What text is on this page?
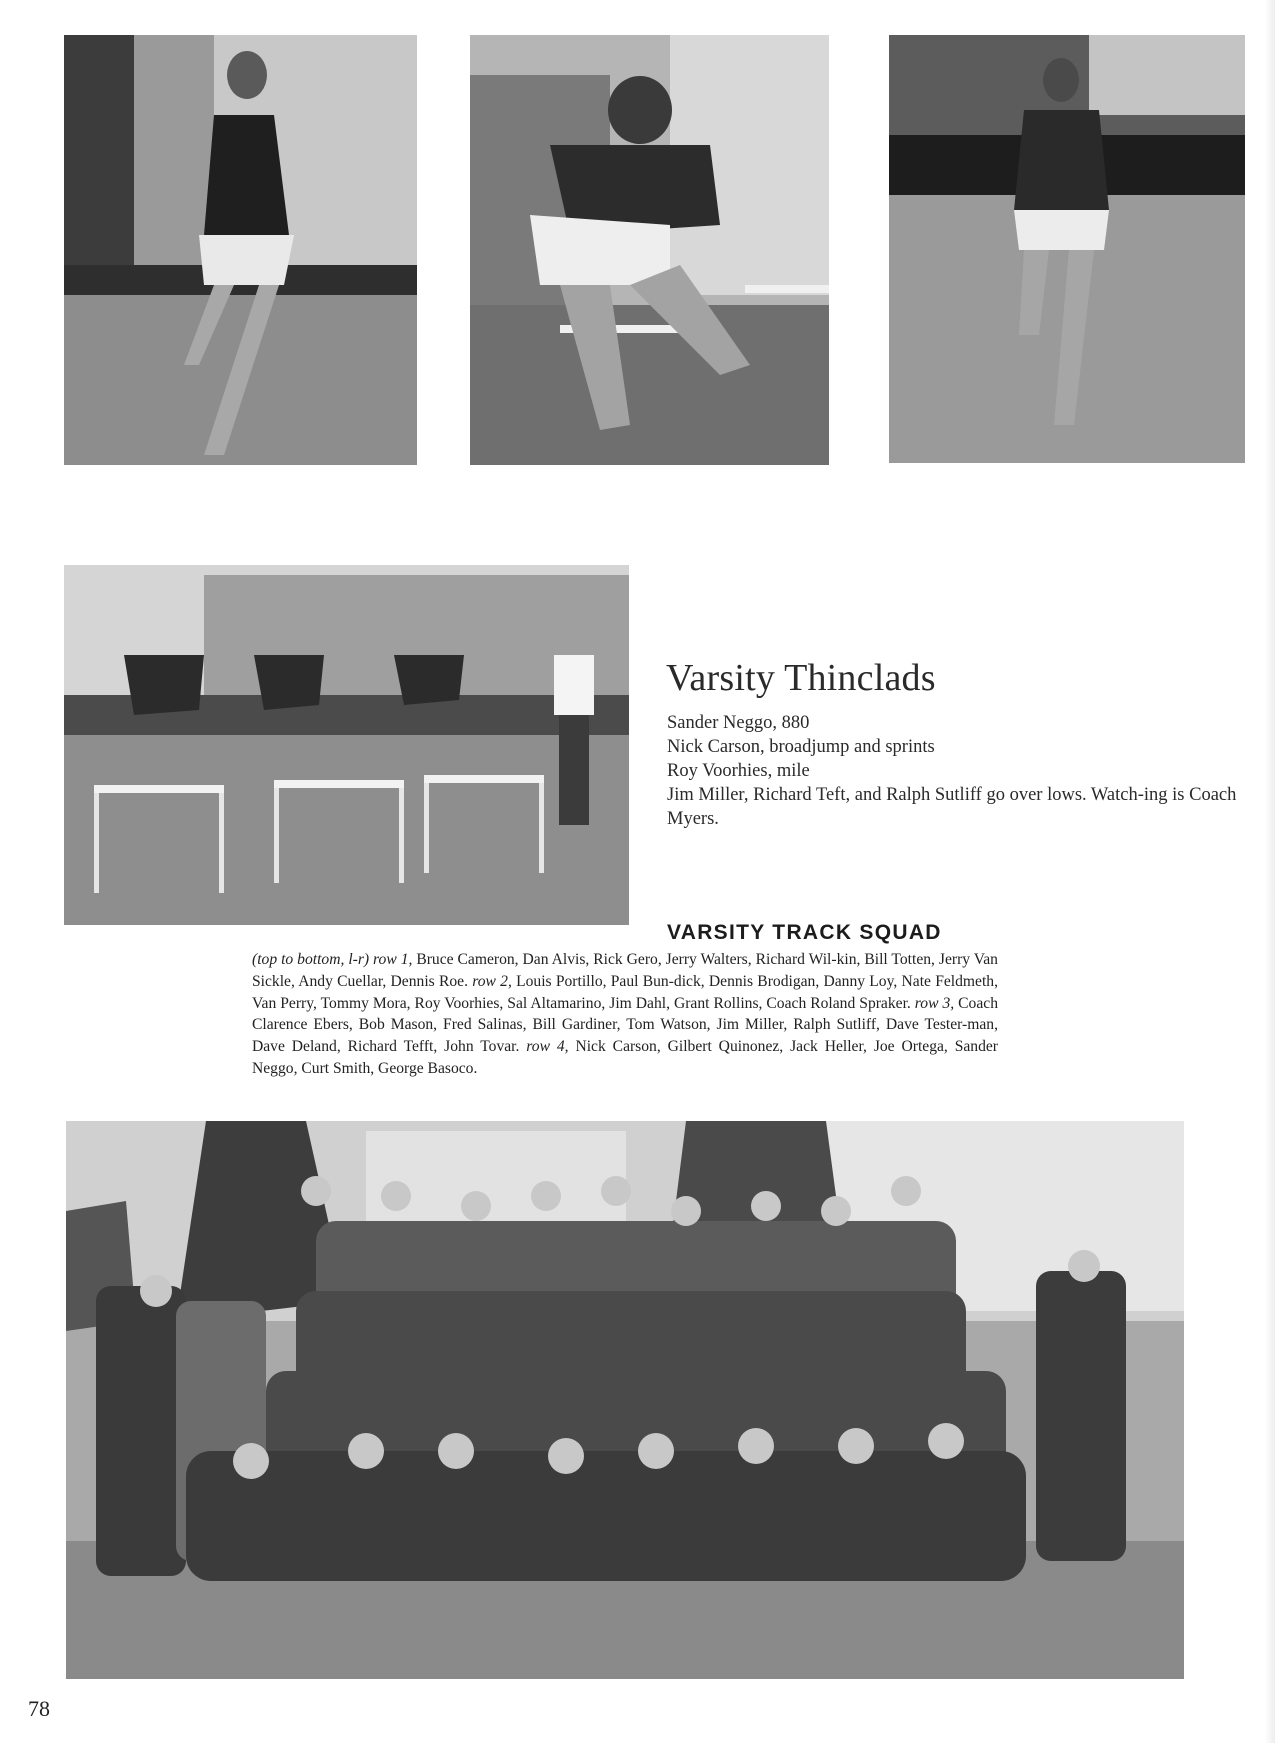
Varsity Thinclads
Sander Neggo, 880
Nick Carson, broadjump and sprints
Roy Voorhies, mile
Jim Miller, Richard Teft, and Ralph Sutliff go over lows. Watch-ing is Coach Myers.
VARSITY TRACK SQUAD

(top to bottom, l-r) row 1, Bruce Cameron, Dan Alvis, Rick Gero, Jerry Walters, Richard Wil-kin, Bill Totten, Jerry Van Sickle, Andy Cuellar, Dennis Roe. row 2, Louis Portillo, Paul Bun-dick, Dennis Brodigan, Danny Loy, Nate Feldmeth, Van Perry, Tommy Mora, Roy Voorhies, Sal Altamarino, Jim Dahl, Grant Rollins, Coach Roland Spraker. row 3, Coach Clarence Ebers, Bob Mason, Fred Salinas, Bill Gardiner, Tom Watson, Jim Miller, Ralph Sutliff, Dave Tester-man, Dave Deland, Richard Tefft, John Tovar. row 4, Nick Carson, Gilbert Quinonez, Jack Heller, Joe Ortega, Sander Neggo, Curt Smith, George Basoco.

78
